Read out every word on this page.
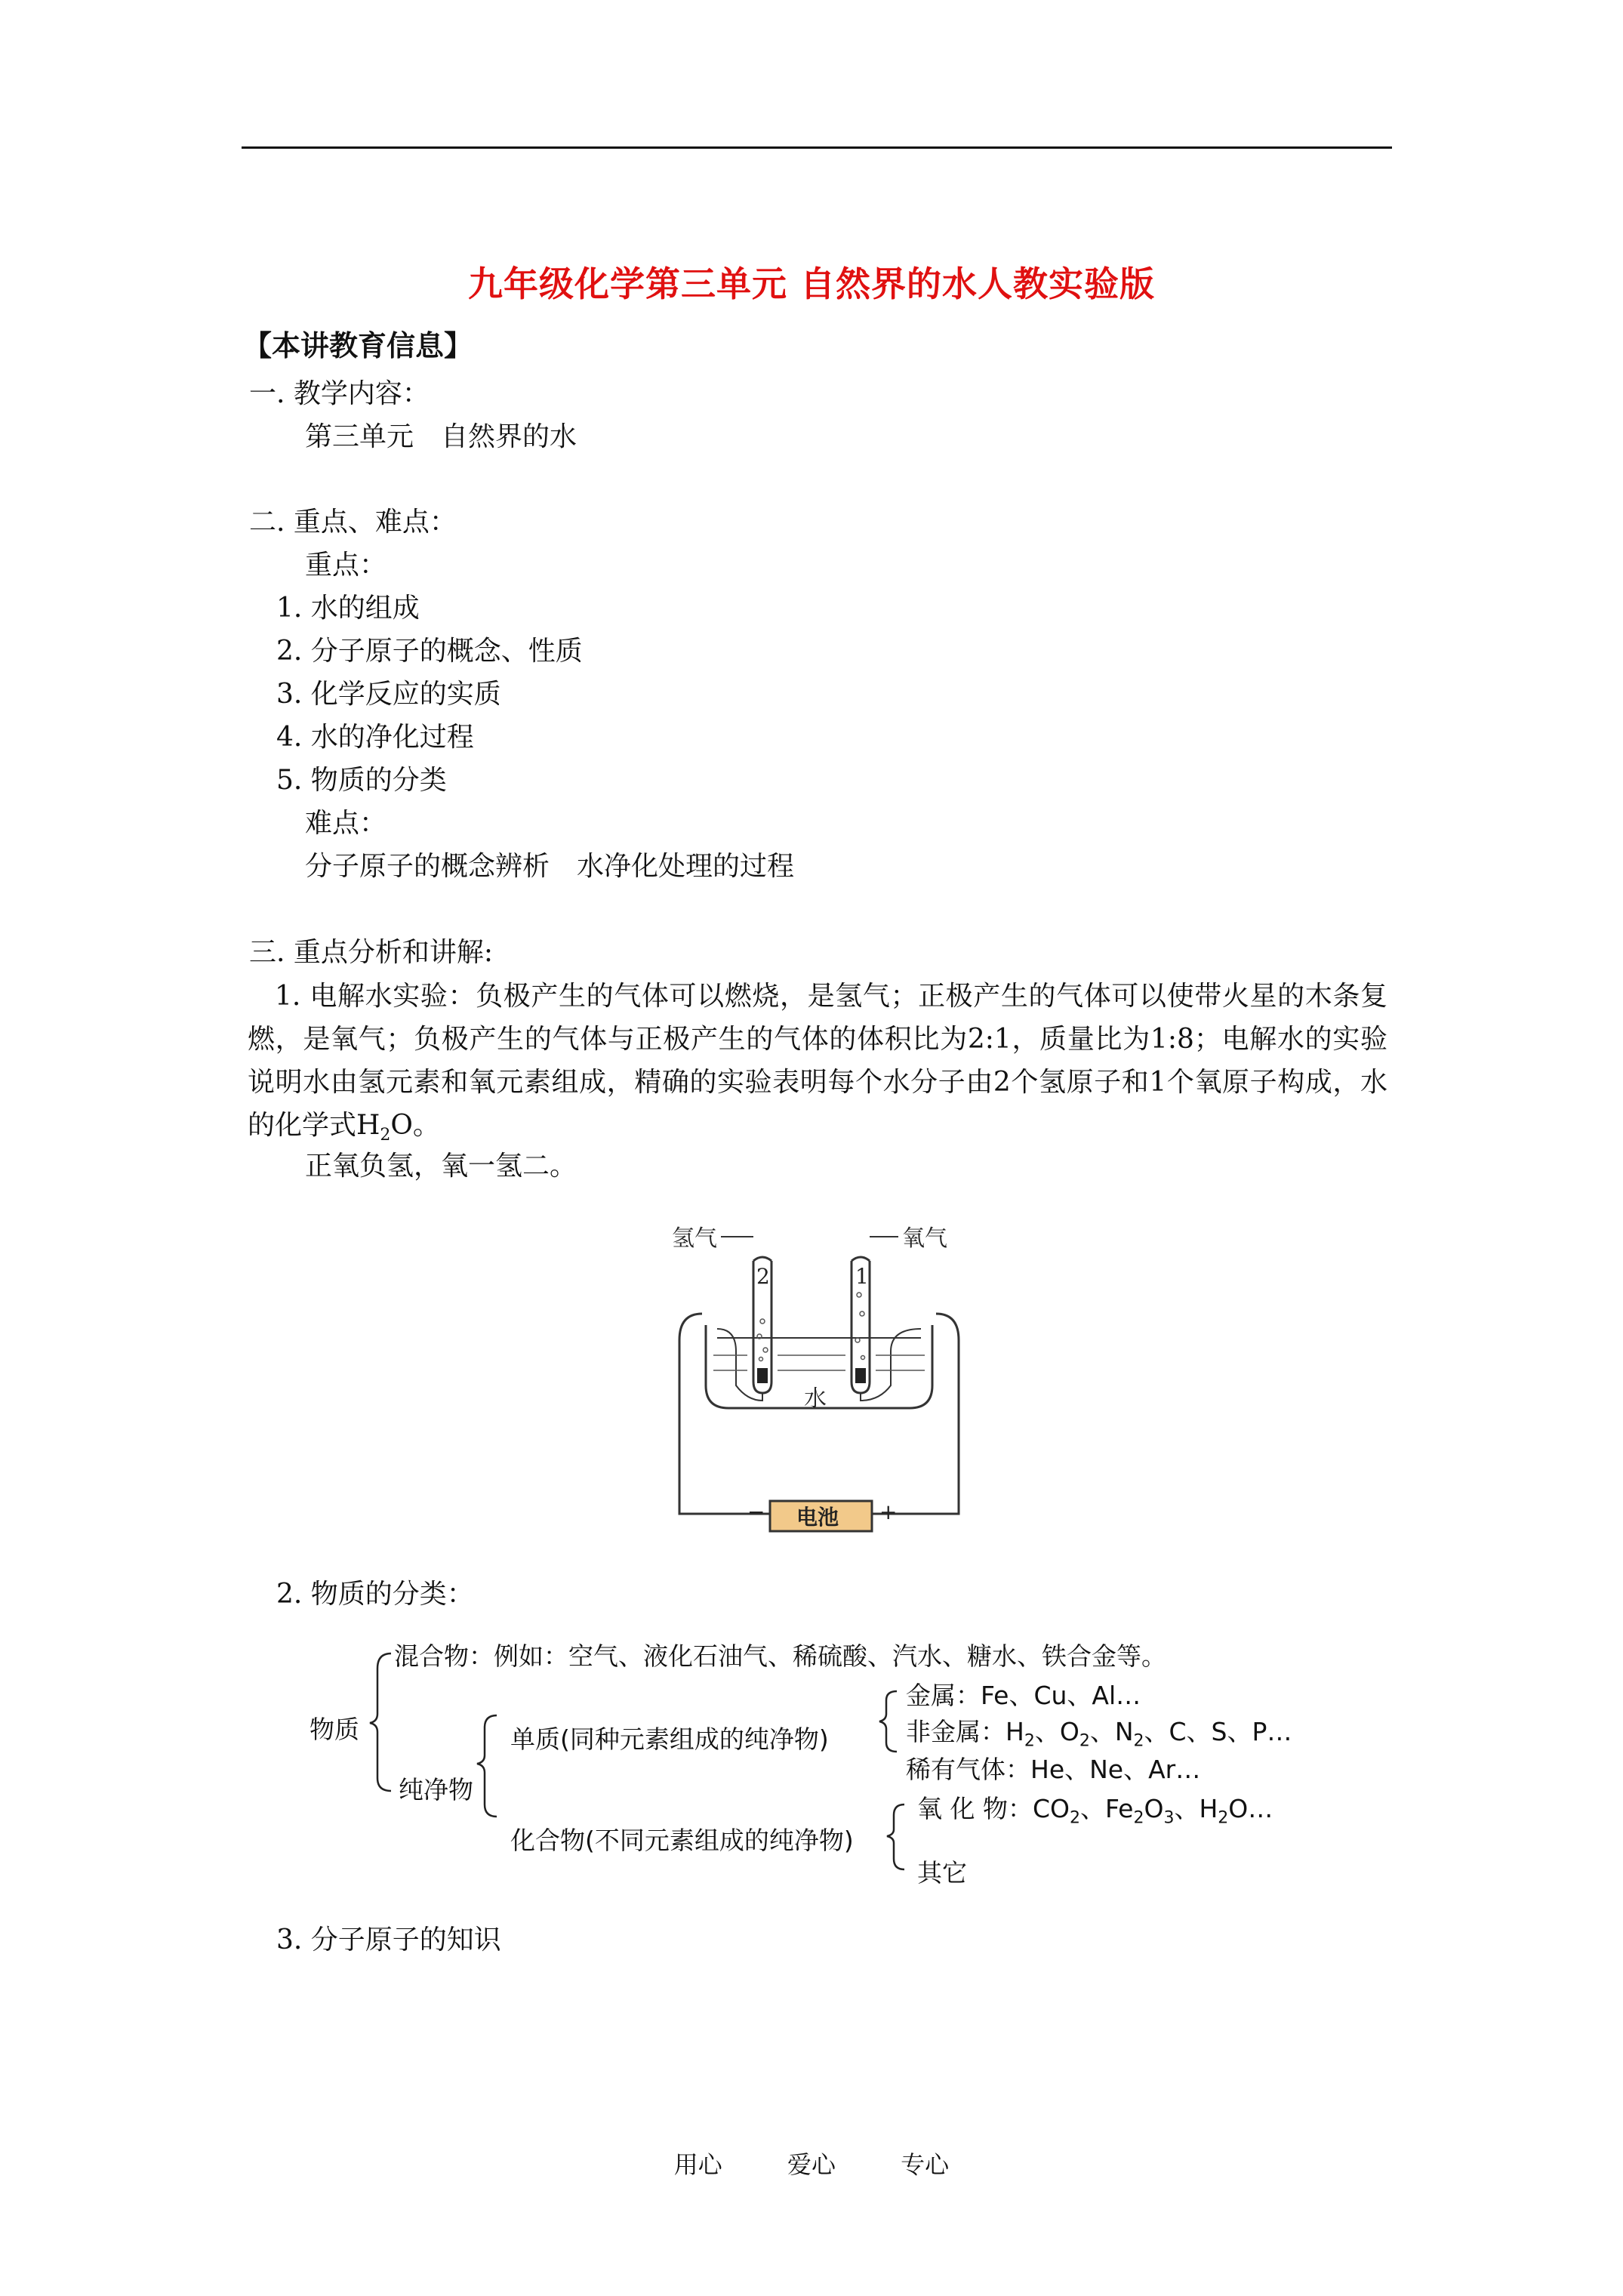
九年级化学第三单元 自然界的水人教实验版
【本讲教育信息】
一. 教学内容：
第三单元　自然界的水
二. 重点、难点：
重点：
1. 水的组成
2. 分子原子的概念、性质
3. 化学反应的实质
4. 水的净化过程
5. 物质的分类
难点：
分子原子的概念辨析　水净化处理的过程
三. 重点分析和讲解:
1. 电解水实验：负极产生的气体可以燃烧，是氢气；正极产生的气体可以使带火星的木条复燃，是氧气；负极产生的气体与正极产生的气体的体积比为2:1，质量比为1:8；电解水的实验说明水由氢元素和氧元素组成，精确的实验表明每个水分子由2个氢原子和1个氧原子构成，水的化学式$H_2O$。
正氧负氢，氧一氢二。
氢气	氧气
2	1
水
电池
−	+
2. 物质的分类：
物质
混合物：例如：空气、液化石油气、稀硫酸、汽水、糖水、铁合金等。
纯净物
单质(同种元素组成的纯净物)
金属：Fe、Cu、Al…
非金属：$H_2$、$O_2$、$N_2$、C、S、P…
稀有气体：He、Ne、Ar…
化合物(不同元素组成的纯净物)
氧 化 物：$CO_2$、$Fe_2O_3$、$H_2O\dots$
其它
3. 分子原子的知识
用心	爱心	专心
